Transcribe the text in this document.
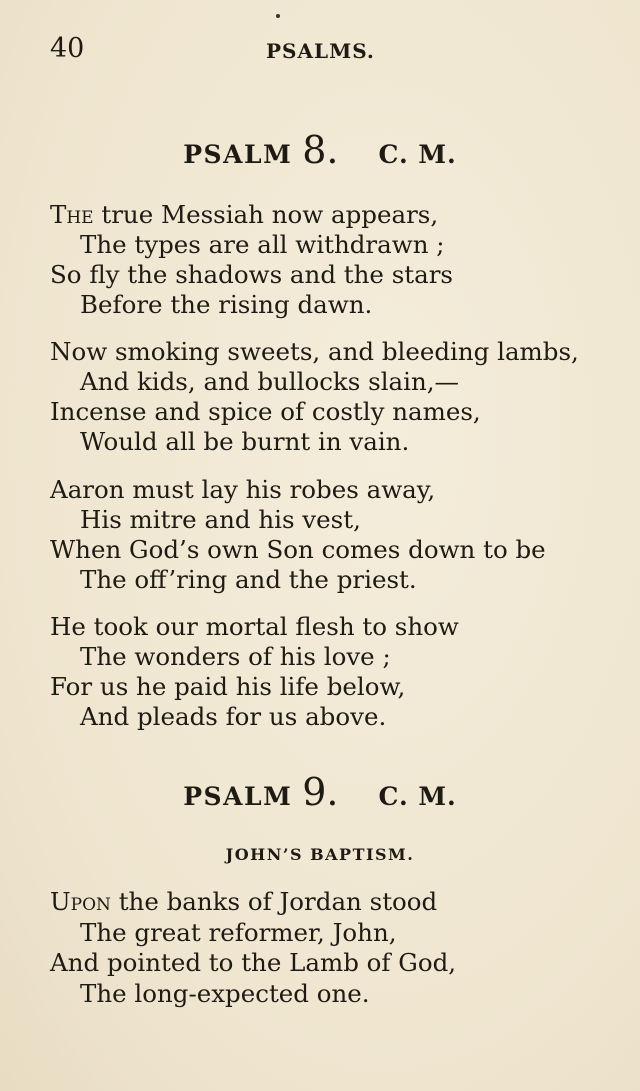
40	PSALMS.
PSALM 8. C. M.
The true Messiah now appears,
The types are all withdrawn ;
So fly the shadows and the stars
Before the rising dawn.
Now smoking sweets, and bleeding lambs,
And kids, and bullocks slain,—
Incense and spice of costly names,
Would all be burnt in vain.
Aaron must lay his robes away,
His mitre and his vest,
When God’s own Son comes down to be
The off’ring and the priest.
He took our mortal flesh to show
The wonders of his love ;
For us he paid his life below,
And pleads for us above.
PSALM 9. C. M.
JOHN’S BAPTISM.
Upon the banks of Jordan stood
The great reformer, John,
And pointed to the Lamb of God,
The long-expected one.
